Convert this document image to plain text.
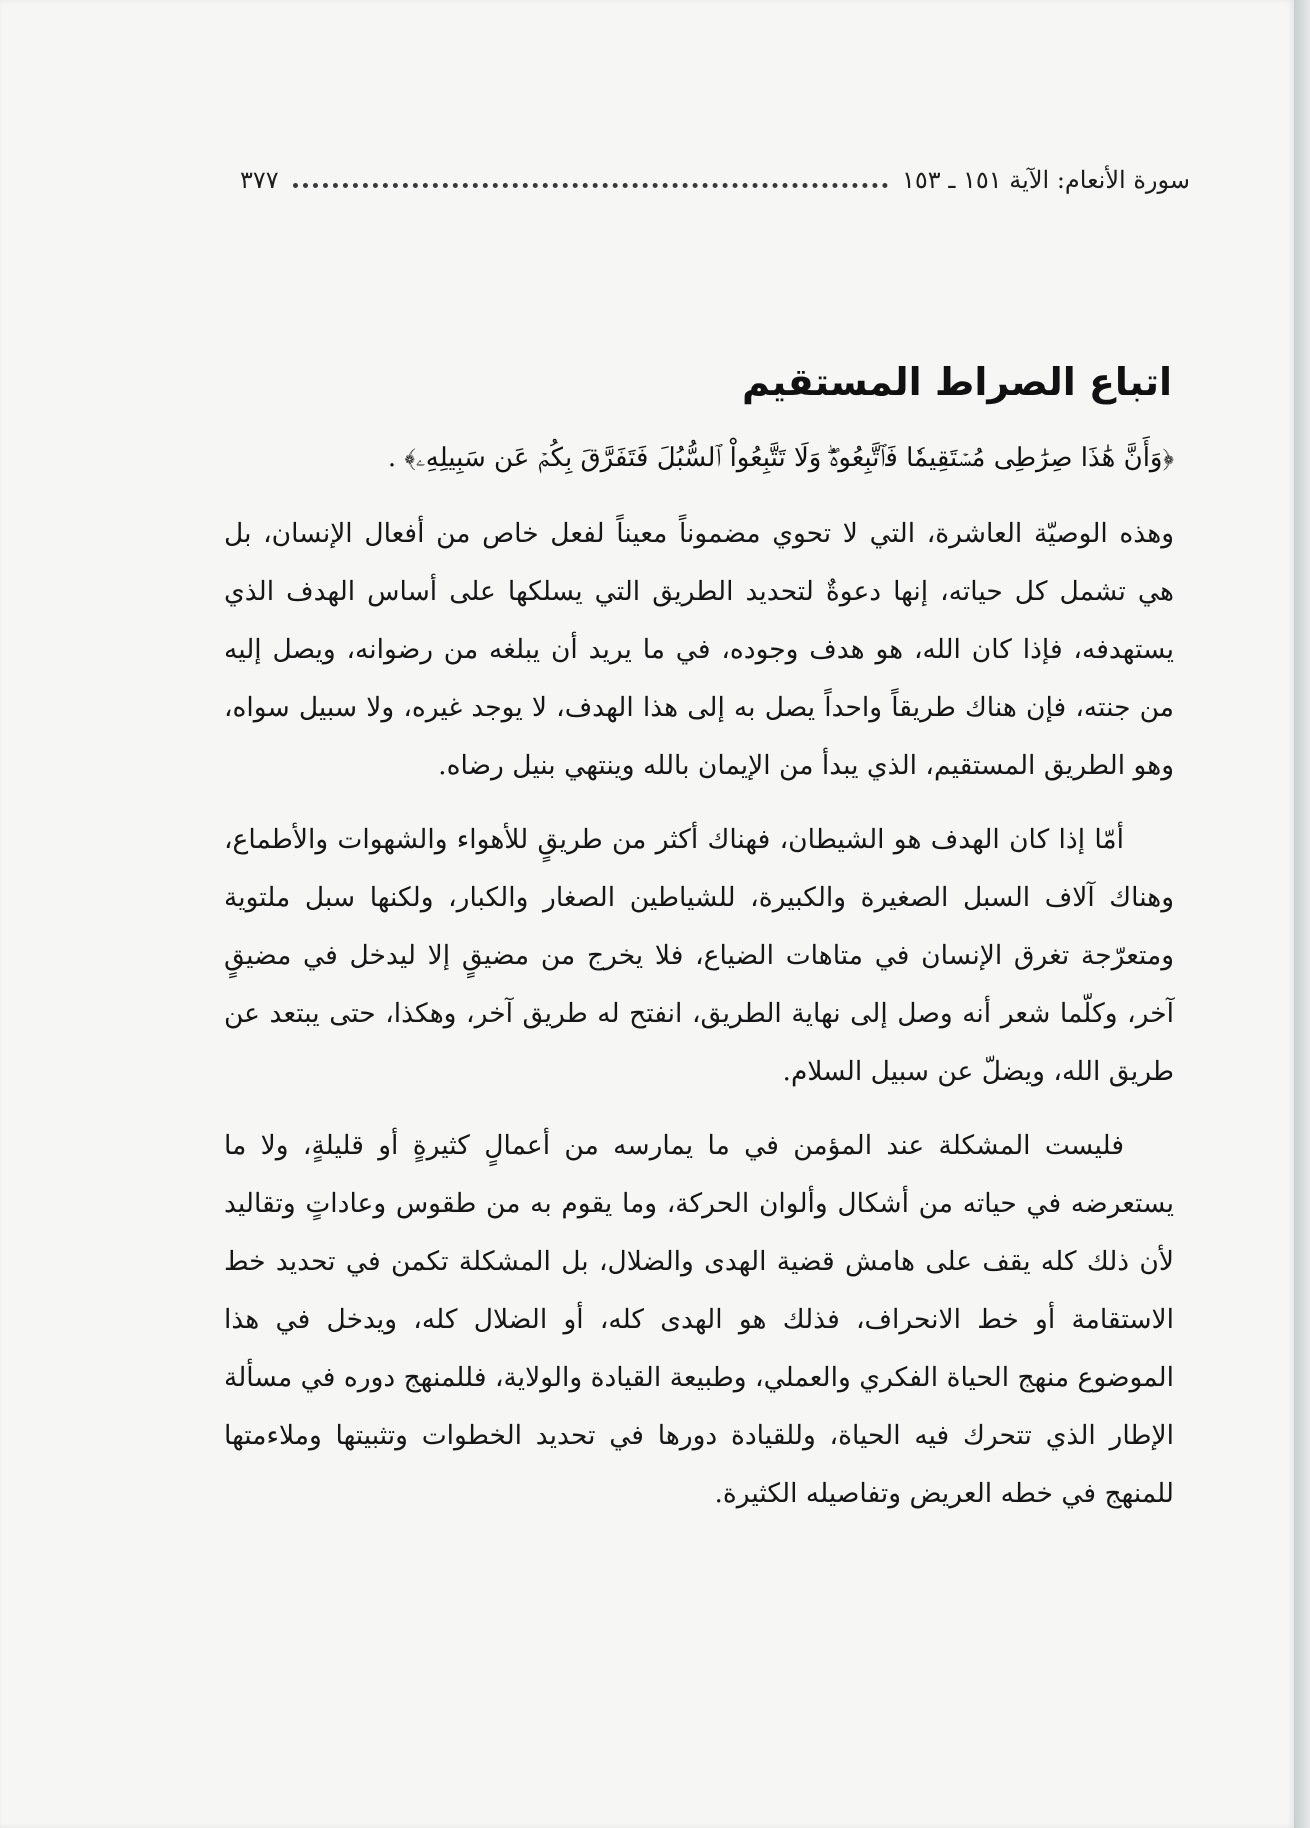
سورة الأنعام: الآية ١٥١ ـ ١٥٣
٣٧٧
اتباع الصراط المستقيم

﴿وَأَنَّ هَٰذَا صِرَٰطِى مُسۡتَقِيمٗا فَٱتَّبِعُوهُۖ وَلَا تَتَّبِعُواْ ٱلسُّبُلَ فَتَفَرَّقَ بِكُمۡ عَن سَبِيلِهِۦ﴾ .

وهذه الوصيّة العاشرة، التي لا تحوي مضموناً معيناً لفعل خاص من أفعال الإنسان، بل هي تشمل كل حياته، إنها دعوةٌ لتحديد الطريق التي يسلكها على أساس الهدف الذي يستهدفه، فإذا كان الله، هو هدف وجوده، في ما يريد أن يبلغه من رضوانه، ويصل إليه من جنته، فإن هناك طريقاً واحداً يصل به إلى هذا الهدف، لا يوجد غيره، ولا سبيل سواه، وهو الطريق المستقيم، الذي يبدأ من الإيمان بالله وينتهي بنيل رضاه.

أمّا إذا كان الهدف هو الشيطان، فهناك أكثر من طريقٍ للأهواء والشهوات والأطماع، وهناك آلاف السبل الصغيرة والكبيرة، للشياطين الصغار والكبار، ولكنها سبل ملتوية ومتعرّجة تغرق الإنسان في متاهات الضياع، فلا يخرج من مضيقٍ إلا ليدخل في مضيقٍ آخر، وكلّما شعر أنه وصل إلى نهاية الطريق، انفتح له طريق آخر، وهكذا، حتى يبتعد عن طريق الله، ويضلّ عن سبيل السلام.

فليست المشكلة عند المؤمن في ما يمارسه من أعمالٍ كثيرةٍ أو قليلةٍ، ولا ما يستعرضه في حياته من أشكال وألوان الحركة، وما يقوم به من طقوس وعاداتٍ وتقاليد لأن ذلك كله يقف على هامش قضية الهدى والضلال، بل المشكلة تكمن في تحديد خط الاستقامة أو خط الانحراف، فذلك هو الهدى كله، أو الضلال كله، ويدخل في هذا الموضوع منهج الحياة الفكري والعملي، وطبيعة القيادة والولاية، فللمنهج دوره في مسألة الإطار الذي تتحرك فيه الحياة، وللقيادة دورها في تحديد الخطوات وتثبيتها وملاءمتها للمنهج في خطه العريض وتفاصيله الكثيرة.
